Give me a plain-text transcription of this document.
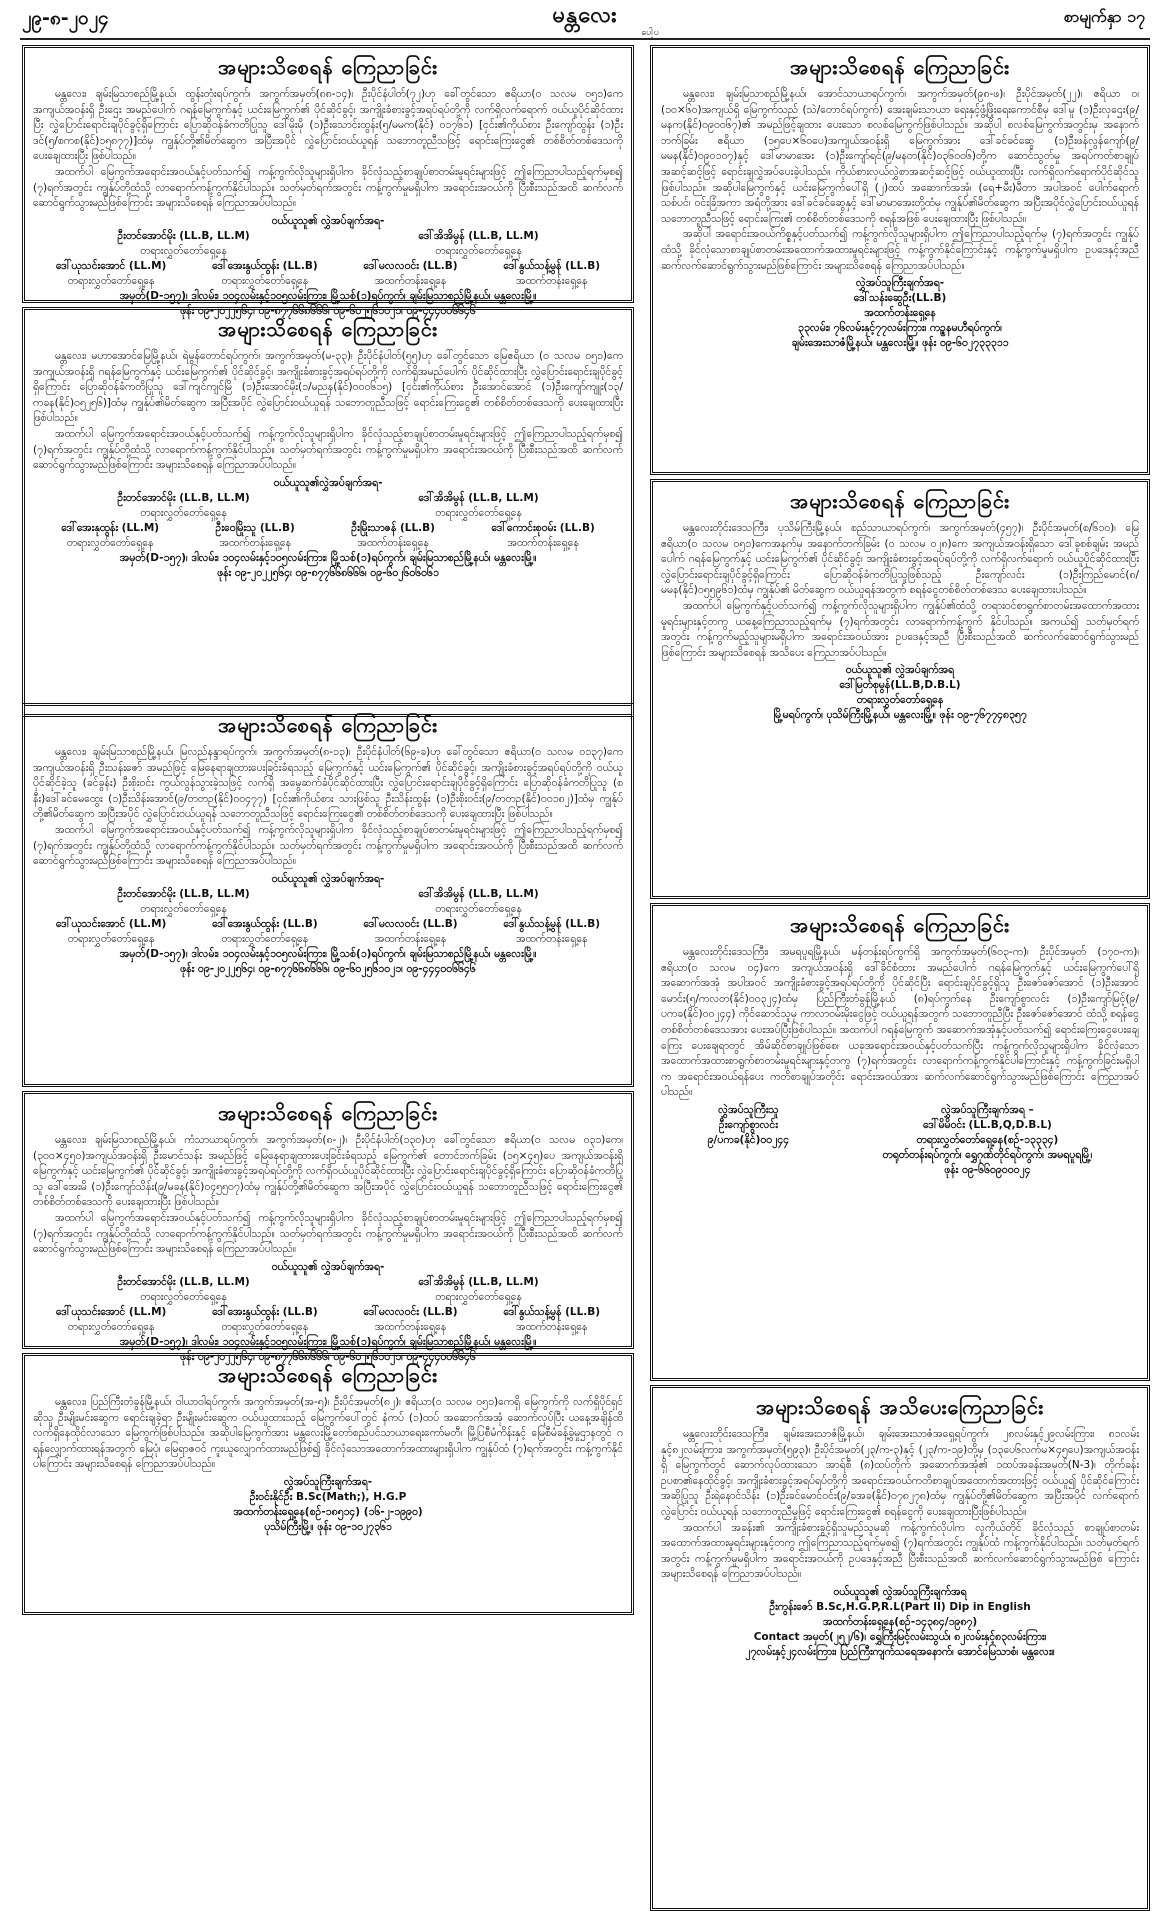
၂၉-၈-၂၀၂၄	မန္တလေး
ပေါ့ပ
စာမျက်နှာ ၁၇
အများသိစေရန် ကြေညာခြင်း

မန္တလေး၊ ချမ်းမြသာစည်မြို့နယ်၊ ထွန်းတုံးရပ်ကွက်၊ အကွက်အမှတ်(၈၈-၁၄)၊ ဦးပိုင်နံပါတ်(၇၂)ဟု ခေါ်တွင်သော ဧရိယာ(၀ သလမ ၀၅၁)ကေ အကျယ်အဝန်းရှိ ဦးဌေး အမည်ပေါက် ဂရန်မြေကွက်နှင့် ယင်းမြေကွက်၏ ပိုင်ဆိုင်ခွင့်၊ အကျိုးခံစားခွင့်အရပ်ရပ်တို့ကို လက်ရှိလက်ရောက် ဝယ်ယူပိုင်ဆိုင်ထားပြီး လွှဲပြောင်းရောင်းချပိုင်ခွင့်ရှိကြောင်း ပြောဆိုဝန်ခံကတိပြုသူ ဒေါ်မိုးမို (၁)ဦးသောင်းထွန်း(၅/မမက(နိုင်) ၀၁၇၆၁) [ငှင်း၏ကိုယ်စား ဦးကျော်ထွန်း (၁)ဦးဒင်(၅/စကစ(နိုင်)၁၅၈၇၇)]ထံမှ ကျွန်ုပ်တို့၏မိတ်ဆွေက အပြီးအပိုင် လွှဲပြောင်းဝယ်ယူရန် သဘောတူညီသဖြင့် ရောင်းကြေး‌ငွေ၏ တစ်စိတ်တစ်ဒေသကို ပေးချေထားပြီး ဖြစ်ပါသည်။

အထက်ပါ မြေကွက်အရောင်းအဝယ်နှင့်ပတ်သက်၍ ကန့်ကွက်လိုသူများရှိပါက ခိုင်လုံသည့်စာချုပ်စာတမ်းမူရင်းများဖြင့် ဤကြေညာပါသည့်ရက်မှစ၍ (၇)ရက်အတွင်း ကျွန်ုပ်တို့ထံသို့ လာရောက်ကန့်ကွက်နိုင်ပါသည်။ သတ်မှတ်ရက်အတွင်း ကန့်ကွက်မှုမရှိပါက အရောင်းအဝယ်ကို ပြီးစီးသည်အထိ ဆက်လက်ဆောင်ရွက်သွားမည်ဖြစ်ကြောင်း အများသိစေရန် ကြေညာအပ်ပါသည်။

ဝယ်ယူသူ၏ လွှဲအပ်ချက်အရ-
ဦးတင်အောင်မိုး (LL.B, LL.M)
တရားလွှတ်တော်ရှေ့နေ
ဒေါ်အိအိမွန် (LL.B, LL.M)
တရားလွှတ်တော်ရှေ့နေ
ဒေါ်ယုသင်းအောင် (LL.M)
တရားလွှတ်တော်ရှေ့နေ
ဒေါ်အေးနွယ်ထွန်း (LL.B)
တရားလွှတ်တော်ရှေ့နေ
ဒေါ်မလလဝင်း (LL.B)
အထက်တန်းရှေ့နေ
ဒေါ်နွယ်သန့်မွန် (LL.B)
အထက်တန်းရှေ့နေ
အမှတ်(D-၁၅၇)၊ ဒါလမ်း၊ ၁၀၄လမ်းနှင့်၁၀၅လမ်းကြား၊ မြို့သစ်(၁)ရပ်ကွက်၊ ချမ်းမြသာစည်မြို့နယ်၊ မန္တလေးမြို့။
ဖုန်း ၀၉-၂၀၂၂၅၆၄၊ ၀၉-၈၇၇၆၆၈၆၆၆၊ ၀၉-၆၀၂၅၆၁၀၂၁၊ ၀၉-၄၄၄၀၀၆၆၄၆
အများသိစေရန် ကြေညာခြင်း

မန္တလေး၊ မဟာအောင်မြေမြို့နယ်၊ ရဲမွန်တောင်ရပ်ကွက်၊ အကွက်အမှတ်(မ-၃၃)၊ ဦးပိုင်နံပါတ်(၅၅)ဟု ခေါ်တွင်သော မြေဧရိယာ (၀ သလမ ၀၅၁)ကေ အကျယ်အဝန်းရှိ ဂရန်မြေကွက်နှင့် ယင်းမြေကွက်၏ ပိုင်ဆိုင်ခွင့်၊ အကျိုးခံစားခွင့်အရပ်ရပ်တို့ကို လက်ရှိအမည်ပေါက် ပိုင်ဆိုင်ထားပြီး လွှဲပြောင်းရောင်းချပိုင်ခွင့်ရှိကြောင်း ပြောဆိုဝန်ခံကတိပြုသူ ဒေါ်ကျင်ကျင်မြိ (၁)ဦးအောင်မိုး(၁/မညန(နိုင်)၀၀၀၆၁၅) [ငှင်း၏ကိုယ်စား ဦးအောင်အောင် (၁)ဦးကျော်ကျူး(၁၃/ကခန(နိုင်)၀၅၂၅၆)]ထံမှ ကျွန်ုပ်၏မိတ်ဆွေက အပြီးအပိုင် လွှဲပြောင်းဝယ်ယူရန် သဘောတူညီသဖြင့် ရောင်းကြေးငွေ၏ တစ်စိတ်တစ်ဒေသကို ပေးချေထားပြီး ဖြစ်ပါသည်။

အထက်ပါ မြေကွက်အရောင်းအဝယ်နှင့်ပတ်သက်၍ ကန့်ကွက်လိုသူများရှိပါက ခိုင်လုံသည့်စာချုပ်စာတမ်းမူရင်းများဖြင့် ဤကြေညာပါသည့်ရက်မှစ၍ (၇)ရက်အတွင်း ကျွန်ုပ်တို့ထံသို့ လာရောက်ကန့်ကွက်နိုင်ပါသည်။ သတ်မှတ်ရက်အတွင်း ကန့်ကွက်မှုမရှိပါက အရောင်းအဝယ်ကို ပြီးစီးသည်အထိ ဆက်လက်ဆောင်ရွက်သွားမည်ဖြစ်ကြောင်း အများသိစေရန် ကြေညာအပ်ပါသည်။

ဝယ်ယူသူ၏လွှဲအပ်ချက်အရ-
ဦးတင်အောင်မိုး (LL.B, LL.M)
တရားလွှတ်တော်ရှေ့နေ
ဒေါ်အိအိမွန် (LL.B, LL.M)
တရားလွှတ်တော်ရှေ့နေ
ဒေါ်အေးနုထွန်း (LL.M)
တရားလွှတ်တော်ရှေ့နေ
ဦးဝေမြိုးသူ (LL.B)
အထက်တန်းရှေ့နေ
ဦးမြိုးသာဇန် (LL.B)
အထက်တန်းရှေ့နေ
ဒေါ်ကောင်းစုဝမ်း (LL.B)
အထက်တန်းရှေ့နေ
အမှတ်(D-၁၅၇)၊ ဒါလမ်း၊ ၁၀၄လမ်းနှင့်၁၀၅လမ်းကြား၊ မြို့သစ်(၁)ရပ်ကွက်၊ ချမ်းမြသာစည်မြို့နယ်၊ မန္တလေးမြို့။
ဖုန်း ၀၉-၂၀၂၂၅၆၄၊ ၀၉-၈၇၇၆၆၈၆၆၆၊ ၀၉-၆၀၂၆၀၆၀၆၁
အများသိစေရန် ကြေညာခြင်း

မန္တလေး၊ ချမ်းမြသာစည်မြို့နယ်၊ မြလည်နန္ဒာရပ်ကွက်၊ အကွက်အမှတ်(၈-၁၃)၊ ဦးပိုင်နံပါတ်(၆၉-ခ)ဟု ခေါ်တွင်သော ဧရိယာ(၀ သလမ ၀၁၃၇)ကေ အကျယ်အဝန်းရှိ ဦးသန်းဇော် အမည်ဖြင့် မြေနေရာချထားပေးခြင်းခံရသည့် မြေကွက်နှင့် ယင်းမြေကွက်၏ ပိုင်ဆိုင်ခွင့်၊ အကျိုးခံစားခွင့်အရပ်ရပ်တို့ကို ဝယ်ယူပိုင်ဆိုင်ခဲ့သူ (ခင်ခွန်း) ဦးစိုးဝင်း ကွယ်လွန်သွားခဲ့သဖြင့် လက်ရှိ အမွေဆက်ခံပိုင်ဆိုင်ထားပြီး လွှဲပြောင်းရောင်းချပိုင်ခွင့်ရှိကြောင်း ပြောဆိုဝန်ခံကတိပြုသူ (စနီး)ဒေါ်ခင်မေထွေး (၁)ဦးသိန်းအောင်(၉/တတဉ(နိုင်)၀၀၄၇၇) [ငှင်း၏ကိုယ်စား သားဖြစ်သူ ဦးသိန်းထွန်း (၁)ဦးစိုးဝင်း(၉/တတဉ(နိုင်)၀၀၁၈၂)]ထံမှ ကျွန်ုပ်တို့၏မိတ်ဆွေက အပြီးအပိုင် လွှဲပြောင်းဝယ်ယူရန် သဘောတူညီသဖြင့် ရောင်းကြေးငွေ၏ တစ်စိတ်တစ်ဒေသကို ပေးချေထားပြီး ဖြစ်ပါသည်။

အထက်ပါ မြေကွက်အရောင်းအဝယ်နှင့်ပတ်သက်၍ ကန့်ကွက်လိုသူများရှိပါက ခိုင်လုံသည့်စာချုပ်စာတမ်းမူရင်းများဖြင့် ဤကြေညာပါသည့်ရက်မှစ၍ (၇)ရက်အတွင်း ကျွန်ုပ်တို့ထံသို့ လာရောက်ကန့်ကွက်နိုင်ပါသည်။ သတ်မှတ်ရက်အတွင်း ကန့်ကွက်မှုမရှိပါက အရောင်းအဝယ်ကို ပြီးစီးသည်အထိ ဆက်လက်ဆောင်ရွက်သွားမည်ဖြစ်ကြောင်း အများသိစေရန် ကြေညာအပ်ပါသည်။

ဝယ်ယူသူ၏ လွှဲအပ်ချက်အရ-
ဦးတင်အောင်မိုး (LL.B, LL.M)
တရားလွှတ်တော်ရှေ့နေ
ဒေါ်အိအိမွန် (LL.B, LL.M)
တရားလွှတ်တော်ရှေ့နေ
ဒေါ်ယုသင်းအောင် (LL.M)
တရားလွှတ်တော်ရှေ့နေ
ဒေါ်အေးနွယ်ထွန်း (LL.B)
တရားလွှတ်တော်ရှေ့နေ
ဒေါ်မလလဝင်း (LL.B)
အထက်တန်းရှေ့နေ
ဒေါ်နွယ်သန့်မွန် (LL.B)
အထက်တန်းရှေ့နေ
အမှတ်(D-၁၅၇)၊ ဒါလမ်း၊ ၁၀၄လမ်းနှင့်၁၀၅လမ်းကြား၊ မြို့သစ်(၁)ရပ်ကွက်၊ ချမ်းမြသာစည်မြို့နယ်၊ မန္တလေးမြို့။
ဖုန်း ၀၉-၂၀၂၂၅၆၄၊ ၀၉-၈၇၇၆၆၈၆၆၆၊ ၀၉-၆၀၂၅၆၁၀၂၁၊ ၀၉-၄၄၄၀၀၆၆၄၆
အများသိစေရန် ကြေညာခြင်း

မန္တလေး၊ ချမ်းမြသာစည်မြို့နယ်၊ ကံသာယာရပ်ကွက်၊ အကွက်အမှတ်(၈-၂)၊ ဦးပိုင်နံပါတ်(၁၃၀)ဟု ခေါ်တွင်သော ဧရိယာ(၀ သလမ ၀၃၁)ကေ၊ (၃၀၀×၄၅၀)အကျယ်အဝန်းရှိ ဦးမောင်သန်း အမည်ဖြင့် မြေနေရာချထားပေးခြင်းခံရသည့် မြေကွက်၏ တောင်ဘက်ခြမ်း (၁၅×၄၅)ပေ အကျယ်အဝန်းရှိ မြေကွက်နှင့် ယင်းမြေကွက်၏ ပိုင်ဆိုင်ခွင့်၊ အကျိုးခံစားခွင့်အရပ်ရပ်တို့ကို လက်ရှိဝယ်ယူပိုင်ဆိုင်ထားပြီး လွှဲပြောင်းရောင်းချပိုင်ခွင့်ရှိကြောင်း ပြောဆိုဝန်ခံကတိပြုသူ ဒေါ်အေးမိ (၁)ဦးကျော်သိန်း(၉/မခန(နိုင်)၀၄၅၅၀၇)ထံမှ ကျွန်ုပ်တို့၏မိတ်ဆွေက အပြီးအပိုင် လွှဲပြောင်းဝယ်ယူရန် သဘောတူညီသဖြင့် ရောင်းကြေးငွေ၏ တစ်စိတ်တစ်ဒေသကို ပေးချေထားပြီး ဖြစ်ပါသည်။

အထက်ပါ မြေကွက်အရောင်းအဝယ်နှင့်ပတ်သက်၍ ကန့်ကွက်လိုသူများရှိပါက ခိုင်လုံသည့်စာချုပ်စာတမ်းမူရင်းများဖြင့် ဤကြေညာပါသည့်ရက်မှစ၍ (၇)ရက်အတွင်း ကျွန်ုပ်တို့ထံသို့ လာရောက်ကန့်ကွက်နိုင်ပါသည်။ သတ်မှတ်ရက်အတွင်း ကန့်ကွက်မှုမရှိပါက အရောင်းအဝယ်ကို ပြီးစီးသည်အထိ ဆက်လက်ဆောင်ရွက်သွားမည်ဖြစ်ကြောင်း အများသိစေရန် ကြေညာအပ်ပါသည်။

ဝယ်ယူသူ၏ လွှဲအပ်ချက်အရ-
ဦးတင်အောင်မိုး (LL.B, LL.M)
တရားလွှတ်တော်ရှေ့နေ
ဒေါ်အိအိမွန် (LL.B, LL.M)
တရားလွှတ်တော်ရှေ့နေ
ဒေါ်ယုသင်းအောင် (LL.M)
တရားလွှတ်တော်ရှေ့နေ
ဒေါ်အေးနွယ်ထွန်း (LL.B)
တရားလွှတ်တော်ရှေ့နေ
ဒေါ်မလလဝင်း (LL.B)
အထက်တန်းရှေ့နေ
ဒေါ်နွယ်သန့်မွန် (LL.B)
အထက်တန်းရှေ့နေ
အမှတ်(D-၁၅၇)၊ ဒါလမ်း၊ ၁၀၄လမ်းနှင့်၁၀၅လမ်းကြား၊ မြို့သစ်(၁)ရပ်ကွက်၊ ချမ်းမြသာစည်မြို့နယ်၊ မန္တလေးမြို့။
ဖုန်း ၀၉-၂၀၂၂၅၆၄၊ ၀၉-၈၇၇၆၆၈၆၆၆၊ ၀၉-၆၀၂၅၆၁၀၂၁၊ ၀၉-၄၄၄၀၀၆၆၄၆
အများသိစေရန် ကြေညာခြင်း

မန္တလေး၊ ပြည်ကြီးတံခွန်မြို့နယ်၊ ဝါယာဝါရပ်ကွက်၊ အကွက်အမှတ်(အ-၅)၊ ဦးပိုင်အမှတ်(၈၂)၊ ဧရိယာ(၀ သလမ ၀၅၁)ကေရှိ မြေကွက်ကို လက်ရှိပိုင်ရှင်ဆိုသူ ဦးမျိုးမင်းဆွေက ရောင်းချခဲ့ရာ ဦးမျိုးမင်းဆွေက ဝယ်ယူထားသည့် မြေကွက်ပေါ်တွင် နံကပ် (၁)ထပ် အဆောက်အအုံ ဆောက်လုပ်ပြီး ယနေ့အချိန်ထိ လက်ရှိနေထိုင်လာသော မြေကွက်ဖြစ်ပါသည်။ အဆိုပါမြေကွက်အား မန္တလေးမြို့တော်စည်ပင်သာယာရေးကော်မတီ၊ မြို့ပြစီမံကိန်းနှင့် မြေစီမံခန့်ခွဲမှုဌာနတွင် ဂရန်လျှောက်ထားရန်အတွက် မြေပုံ၊ မြေရာဇဝင် ကူးယူလျှောက်ထားမည်ဖြစ်၍ ခိုင်လုံသောအထောက်အထားများရှိပါက ကျွန်ုပ်ထံ (၇)ရက်အတွင်း ကန့်ကွက်နိုင်ပါကြောင်း အများသိစေရန် ကြေညာအပ်ပါသည်။

လွှဲအပ်သူကြီးချက်အရ-
ဦးဝင်းနိုင်ဦး B.Sc(Math;), H.G.P
အထက်တန်းရှေ့နေ(စဉ်-၁၈၅၁၄) (၁၆-၂-၁၉၉၀)
ပုသိမ်ကြီးမြို့။ ဖုန်း ၀၉-၁၀၂၇၃၆၁
အများသိစေရန် ကြေညာခြင်း

မန္တလေး၊ ချမ်းမြသာစည်မြို့နယ်၊ အောင်သာယာရပ်ကွက်၊ အကွက်အမှတ်(၉၈-ဖ)၊ ဦးပိုင်အမှတ်(၂၂)၊ ဧရိယာ ၀၊(၁၀×၆၀)အကျယ်ရှိ မြေကွက်သည် (သဲ/တောင်ရပ်ကွက်) အေးချမ်းသာယာ ရေးနှင့်ဖွံ့ဖြိုးရေးကောင်စီမှ ဒေါ်မူ (၁)ဦးလှဌေး(၉/မနက(နိုင်)၀၉၀၀၆၇)၏ အမည်ဖြင့်ချထား ပေးသော စလစ်မြေကွက်ဖြစ်ပါသည်။ အဆိုပါ စလစ်မြေကွက်အတွင်းမှ အနောက်ဘက်ခြမ်း ဧရိယာ (၁၅ပေ×၆၀ပေ)အကျယ်အဝန်းရှိ မြေကွက်အား ဒေါ်ခင်ခင်ဆွေ (၁)ဦးဖန်လွန်ကျော်(၉/မမန(နိုင်)၀၉၀၁၀၇)နှင့် ဒေါ်မာမာအေး (၁)ဦးကျော်ရင်(၉/မနတ(နိုင်)၀၃၆၀၀၆)တို့က ဆောင်သွတ်မှု အရပ်ကတ်စာချုပ်အဆင့်ဆင့်ဖြင့် ရောင်းချလွှဲအပ်ပေးခဲ့ပါသည်။ ကိုယ်စားလှယ်လွှဲစာအဆင့်ဆင့်ဖြင့် ဝယ်ယူထားပြီး လက်ရှိလက်ရောက်ပိုင်ဆိုင်သူဖြစ်ပါသည်။ အဆိုပါမြေကွက်နှင့် ယင်းမြေကွက်ပေါ်ရှိ (၂)ထပ် အဆောက်အအုံ၊ (ရေ+မီး)မီတာ အပါအဝင် ပေါက်ရောက်သစ်ပင်၊ ဝင်းခြံအကာ အရံတို့အား ဒေါ်ခင်ခင်ဆွေနှင့် ဒေါ်မာမာအေးတို့ထံမှ ကျွန်ုပ်၏မိတ်ဆွေက အပြီးအပိုင်လွှဲပြောင်းဝယ်ယူရန် သဘောတူညီသဖြင့် ရောင်းကြေး၏ တစ်စိတ်တစ်ဒေသကို စရန်အဖြစ် ပေးချေထားပြီး ဖြစ်ပါသည်။

အဆိုပါ အရောင်းအဝယ်ကိစ္စနှင့်ပတ်သက်၍ ကန့်ကွက်လိုသူများရှိပါက ဤကြေညာပါသည့်ရက်မှ (၇)ရက်အတွင်း ကျွန်ုပ်ထံသို့ ခိုင်လုံသောစာချုပ်စာတမ်းအထောက်အထားမူရင်းများဖြင့် ကန့်ကွက်နိုင်ကြောင်းနှင့် ကန့်ကွက်မှုမရှိပါက ဥပဒေနှင့်အညီ ဆက်လက်ဆောင်ရွက်သွားမည်ဖြစ်ကြောင်း အများသိစေရန် ကြေညာအပ်ပါသည်။

လွှဲအပ်သူကြီးချက်အရ-
ဒေါ်သန်းဆွေဦး(LL.B)
အထက်တန်းရှေ့နေ
၃၃လမ်း၊ ၇၆လမ်းနှင့်၇၇လမ်းကြား၊ ကဥ္စနမဟီရပ်ကွက်၊
ချမ်းအေးသာဇံမြို့နယ်၊ မန္တလေးမြို့။ ဖုန်း ၀၉-၆၀၂၇၃၃၃၁၁
အများသိစေရန် ကြေညာခြင်း

မန္တလေးတိုင်းဒေသကြီး၊ ပုသိမ်ကြီးမြို့နယ်၊ စည်သာယာရပ်ကွက်၊ အကွက်အမှတ်(၄၅၇)၊ ဦးပိုင်အမှတ်(စ/၆၁၀)၊ မြေဧရိယာ(၀ သလမ ၀၅၁)ကေအနက်မှ အနောက်ဘက်ခြမ်း (၀ သလမ ၀၂၈)ကေ အကျယ်အဝန်းရှိသော ဒေါ်ခူစစ်ချမ်း အမည်ပေါက် ဂရန်မြေကွက်နှင့် ယင်းမြေကွက်၏ ပိုင်ဆိုင်ခွင့်၊ အကျိုးခံစားခွင့်အရပ်ရပ်တို့ကို လက်ရှိလက်ရောက် ဝယ်ယူပိုင်ဆိုင်ထားပြီး လွှဲပြောင်းရောင်းချပိုင်ခွင့်ရှိကြောင်း ပြောဆိုဝန်ခံကတိပြုသူဖြစ်သည့် ဦးကျော်လင်း (၁)ဦးကြည်မောင်(၈/မမန(နိုင်)၀၅၅၉၆၁)ထံမှ ကျွန်ုပ်၏ မိတ်ဆွေက ဝယ်ယူရန်အတွက် စရန်ငွေတစ်စိတ်တစ်ဒေသ ပေးချေထားပါသည်။

အထက်ပါ မြေကွက်နှင့်ပတ်သက်၍ ကန့်ကွက်လိုသူများရှိပါက ကျွန်ုပ်၏ထံသို့ တရားဝင်စာရွက်စာတမ်းအထောက်အထားမူရင်းများနှင့်တကွ ယနေ့ကြေညာသည့်ရက်မှ (၇)ရက်အတွင်း လာရောက်ကန့်ကွက် နိုင်ပါသည်။ အကယ်၍ သတ်မှတ်ရက်အတွင်း ကန့်ကွက်မည့်သူများမရှိပါက အရောင်းအဝယ်အား ဥပဒေနှင့်အညီ ပြီးစီးသည်အထိ ဆက်လက်ဆောင်ရွက်သွားမည်ဖြစ်ကြောင်း အများသိစေရန် အသိပေး ကြေညာအပ်ပါသည်။

ဝယ်ယူသူ၏ လွှဲအပ်ချက်အရ
ဒေါ်မြတ်စုမွန်(LL.B,D.B.L)
တရားလွှတ်တော်ရှေ့နေ
မြို့မရပ်ကွက်၊ ပုသိမ်ကြီးမြို့နယ်၊ မန္တလေးမြို့။ ဖုန်း ၀၉-၇၆၇၇၄၈၃၅၇
အများသိစေရန် ကြေညာခြင်း

မန္တလေးတိုင်းဒေသကြီး၊ အမရပူရမြို့နယ်၊ မန်တန်းရပ်ကွက်ရှိ အကွက်အမှတ်(၆၀၃-က)၊ ဦးပိုင်အမှတ် (၁၇၀-က)၊ ဧရိယာ(၀ သလမ ၀၄)ကေ အကျယ်အဝန်းရှိ ဒေါ်ခိုင်စံထား အမည်ပေါက် ဂရန်မြေကွက်နှင့် ယင်းမြေကွက်ပေါ်ရှိ အဆောက်အအုံ အပါအဝင် အကျိုးခံစားခွင့်အရပ်ရပ်တို့ကို ပိုင်ဆိုင်ပြီး ရောင်းချပိုင်ခွင့်ရှိသူ ဦးဇော်ဇော်အောင် (၁)ဦးအောင်မောင်း(၅/ကလတ(နိုင်)၀၀၃၂၄)ထံမှ ပြည်ကြီးတံခွန်မြို့နယ် (၈)ရပ်ကွက်နေ ဦးကျော်စွာလင်း (၁)ဦးကျော်မြင့်(၉/ပကခ(နိုင်)၀၀၂၄၄) ကိုင်ဆောင်သူမှ ကာလာဝမ်းမိုးငွေဖြင့် ဝယ်ယူရန်အတွက် သဘောတူညီပြီး ဦးဇော်ဇော်အောင် ထံသို့ စရန်ငွေတစ်စိတ်တစ်ဒေသအား ပေးအပ်ပြီးဖြစ်ပါသည်။ အထက်ပါ ဂရန်မြေကွက် အဆောက်အအုံနှင့်ပတ်သက်၍ ရောင်းကြေးငွေပေးချေကြေး ပေးချေရာတွင် အိမ်ဆိုင်စာချုပ်ဖြစ်စေ၊ ယခုအရောင်းအဝယ်နှင့်ပတ်သက်ပြီး ကန့်ကွက်လိုသူများရှိပါက ခိုင်လုံသောအထောက်အထားစာရွက်စာတမ်းမူရင်းများနှင့်တကွ (၇)ရက်အတွင်း လာရောက်ကန့်ကွက်နိုင်ပါကြောင်းနှင့် ကန့်ကွက်ခြင်းမရှိပါက အရောင်းအဝယ်ရန်ပေး ကတိစာချုပ်အတိုင်း ရောင်းအဝယ်အား ဆက်လက်ဆောင်ရွက်သွားမည်ဖြစ်ကြောင်း ကြေညာအပ်ပါသည်။

လွှဲအပ်သူကြီးသူ
ဦးကျော်စွာလင်း
၉/ပကခ(နိုင်)၀၀၂၄၄
လွှဲအပ်သူကြီးချက်အရ –
ဒေါ်မိမိဝင်း (LL.B,Q,D.B.L)
တရားလွှတ်တော်ရှေ့နေ(စဉ်-၁၃၃၃၄)
တရုတ်တန်းရပ်ကွက်၊ ရွှေဂုဏ်တိုင်ရပ်ကွက်၊ အမရပူရမြို့၊
ဖုန်း ၀၉-၆၆၀၉၀၀၀၂၄
အများသိစေရန် အသိပေးကြေညာခြင်း

မန္တလေးတိုင်းဒေသကြီး၊ ချမ်းအေးသာဇံမြို့နယ်၊ ချမ်းအေးသာဇံအရှေ့ရပ်ကွက်၊ ၂၈လမ်းနှင့်၂၉လမ်းကြား၊ ၈၁လမ်းနှင့်၈၂လမ်းကြား၊ အကွက်အမှတ်(၅၉၃)၊ ဦးပိုင်အမှတ်(၂၃/က-၃)နှင့် (၂၃/က-၁၉)တို့မှ (၁၃ပေ၆လက်မ×၄၅ပေ)အကျယ်အဝန်းရှိ မြေကွက်တွင် ဆောက်လုပ်ထားသော အာရ်စီ (၈)ထပ်တိုက် အဆောက်အအုံ၏ ၁ထပ်အခန်းအမှတ်(N-3)၊ တိုက်ခန်းဥပစာ၏နေထိုင်ခွင့်၊ အကျိုးခံစားခွင့်အရပ်ရပ်တို့ကို အရောင်းအဝယ်ကတိစာချုပ်အထောက်အထားဖြင့် ဝယ်ယူ၍ ပိုင်ဆိုင်ကြောင်း အဆိုပြုသူ ဦးရဲနောင်သိန်း (၁)ဦးခင်မောင်ဝင်း(၉/ခအခ(နိုင်)၀၇၈၂၇၈)ထံမှ ကျွန်ုပ်တို့၏မိတ်ဆွေက အပြီးအပိုင် လက်ရောက်လွှဲပြောင်း ဝယ်ယူရန် သဘောတူညီမှုဖြင့် ရောင်းကြေး‌ငွေ၏ စရန်ငွေကို ပေးချေထားပြီးဖြစ်ပါသည်။

အထက်ပါ အခန်း၏ အကျိုးခံစားခွင့်ရှိသူမည်သူမဆို ကန့်ကွက်လိုပါက လူကိုယ်တိုင် ခိုင်လုံသည့် စာချုပ်စာတမ်းအထောက်အထားမူရင်းများနှင့်တကွ ဤကြေညာသည့်ရက်မှစ၍ (၇)ရက်အတွင်း ကျွန်ုပ်ထံ ကန့်ကွက်နိုင်ပါသည်။ သတ်မှတ်ရက်အတွင်း ကန့်ကွက်မှုမရှိပါက အရောင်းအဝယ်ကို ဥပဒေနှင့်အညီ ပြီးစီးသည်အထိ ဆက်လက်ဆောင်ရွက်သွားမည်ဖြစ် ကြောင်း အများသိစေရန် ကြေညာအပ်ပါသည်။

ဝယ်ယူသူ၏ လွှဲအပ်သူကြီးချက်အရ
ဦးကွန်းဇော် B.Sc,H.G.P,R.L(Part II) Dip in English
အထက်တန်းရှေ့နေ(စဉ်-၁၄၃၈၄/၁၉၈၇)
Contact အမှတ်(၂၅၂/၆)၊ ရွှေကြီးမြင့်လမ်းသွယ်၊ ၈၂လမ်းနှင့်၈၃လမ်းကြား၊
၂၇လမ်းနှင့်၂၄လမ်းကြား၊ ပြည်ကြီးကျက်သရေအနောက်၊ အောင်မြေသာစံ၊ မန္တလေး။
